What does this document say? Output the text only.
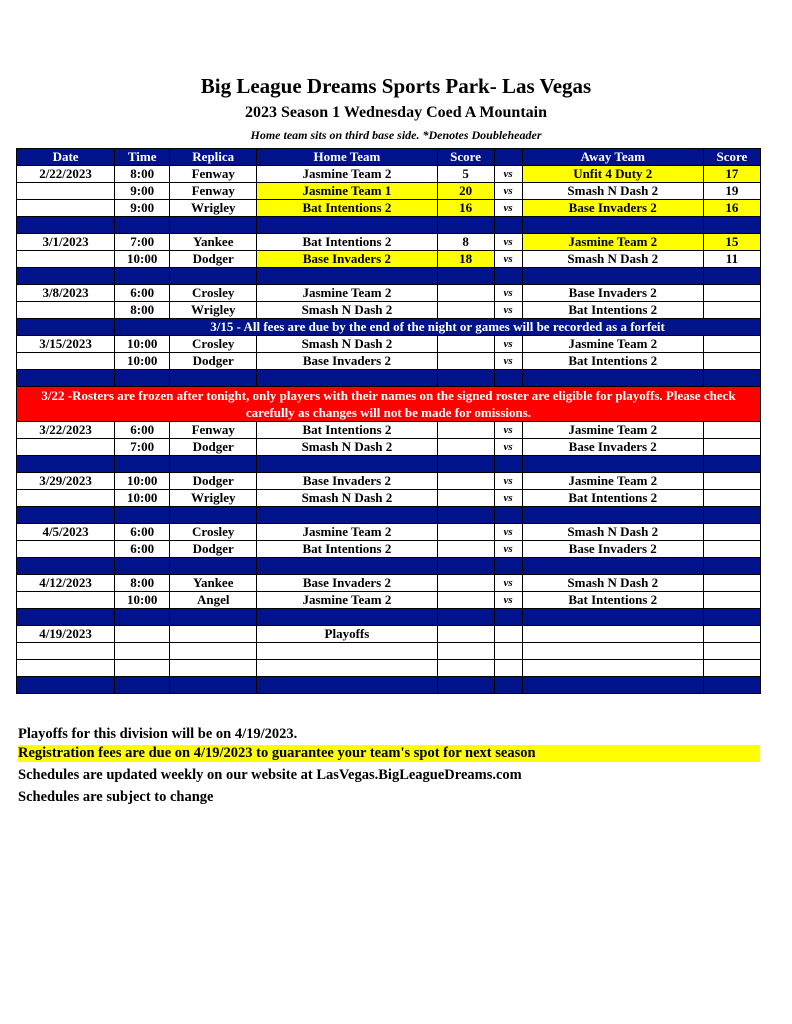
Big League Dreams Sports Park- Las Vegas
2023 Season 1 Wednesday Coed A Mountain
Home team sits on third base side. *Denotes Doubleheader
Date	Time	Replica	Home Team	Score		Away Team	Score
2/22/2023	8:00	Fenway	Jasmine Team 2	5	vs	Unfit 4 Duty 2	17
	9:00	Fenway	Jasmine Team 1	20	vs	Smash N Dash 2	19
	9:00	Wrigley	Bat Intentions 2	16	vs	Base Invaders 2	16

3/1/2023	7:00	Yankee	Bat Intentions 2	8	vs	Jasmine Team 2	15
	10:00	Dodger	Base Invaders 2	18	vs	Smash N Dash 2	11

3/8/2023	6:00	Crosley	Jasmine Team 2		vs	Base Invaders 2	
	8:00	Wrigley	Smash N Dash 2		vs	Bat Intentions 2	
	3/15 - All fees are due by the end of the night or games will be recorded as a forfeit						
3/15/2023	10:00	Crosley	Smash N Dash 2		vs	Jasmine Team 2	
	10:00	Dodger	Base Invaders 2		vs	Bat Intentions 2	

3/22 -Rosters are frozen after tonight, only players with their names on the signed roster are eligible for playoffs. Please check carefully as changes will not be made for omissions.							
3/22/2023	6:00	Fenway	Bat Intentions 2		vs	Jasmine Team 2	
	7:00	Dodger	Smash N Dash 2		vs	Base Invaders 2	

3/29/2023	10:00	Dodger	Base Invaders 2		vs	Jasmine Team 2	
	10:00	Wrigley	Smash N Dash 2		vs	Bat Intentions 2	

4/5/2023	6:00	Crosley	Jasmine Team 2		vs	Smash N Dash 2	
	6:00	Dodger	Bat Intentions 2		vs	Base Invaders 2	

4/12/2023	8:00	Yankee	Base Invaders 2		vs	Smash N Dash 2	
	10:00	Angel	Jasmine Team 2		vs	Bat Intentions 2	

4/19/2023			Playoffs				

Playoffs for this division will be on 4/19/2023.
Registration fees are due on 4/19/2023 to guarantee your team's spot for next season
Schedules are updated weekly on our website at LasVegas.BigLeagueDreams.com
Schedules are subject to change
